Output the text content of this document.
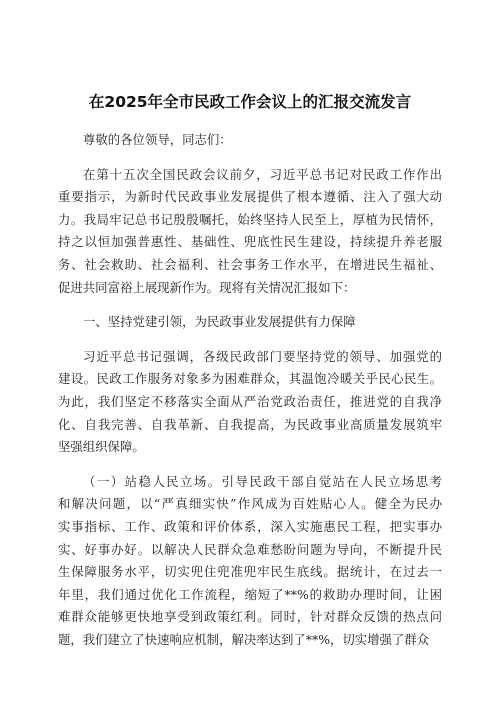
在2025年全市民政工作会议上的汇报交流发言
尊敬的各位领导，同志们：
在第十五次全国民政会议前夕，习近平总书记对民政工作作出
重要指示，为新时代民政事业发展提供了根本遵循、注入了强大动
力。我局牢记总书记殷殷嘱托，始终坚持人民至上，厚植为民情怀，
持之以恒加强普惠性、基础性、兜底性民生建设，持续提升养老服
务、社会救助、社会福利、社会事务工作水平，在增进民生福祉、
促进共同富裕上展现新作为。现将有关情况汇报如下：
一、坚持党建引领，为民政事业发展提供有力保障
习近平总书记强调，各级民政部门要坚持党的领导、加强党的
建设。民政工作服务对象多为困难群众，其温饱冷暖关乎民心民生。
为此，我们坚定不移落实全面从严治党政治责任，推进党的自我净
化、自我完善、自我革新、自我提高，为民政事业高质量发展筑牢
坚强组织保障。
（一）站稳人民立场。引导民政干部自觉站在人民立场思考
和解决问题，以“严真细实快”作风成为百姓贴心人。健全为民办
实事指标、工作、政策和评价体系，深入实施惠民工程，把实事办
实、好事办好。以解决人民群众急难愁盼问题为导向，不断提升民
生保障服务水平，切实兜住兜准兜牢民生底线。据统计，在过去一
年里，我们通过优化工作流程，缩短了**%的救助办理时间，让困
难群众能够更快地享受到政策红利。同时，针对群众反馈的热点问
题，我们建立了快速响应机制，解决率达到了**%，切实增强了群众
